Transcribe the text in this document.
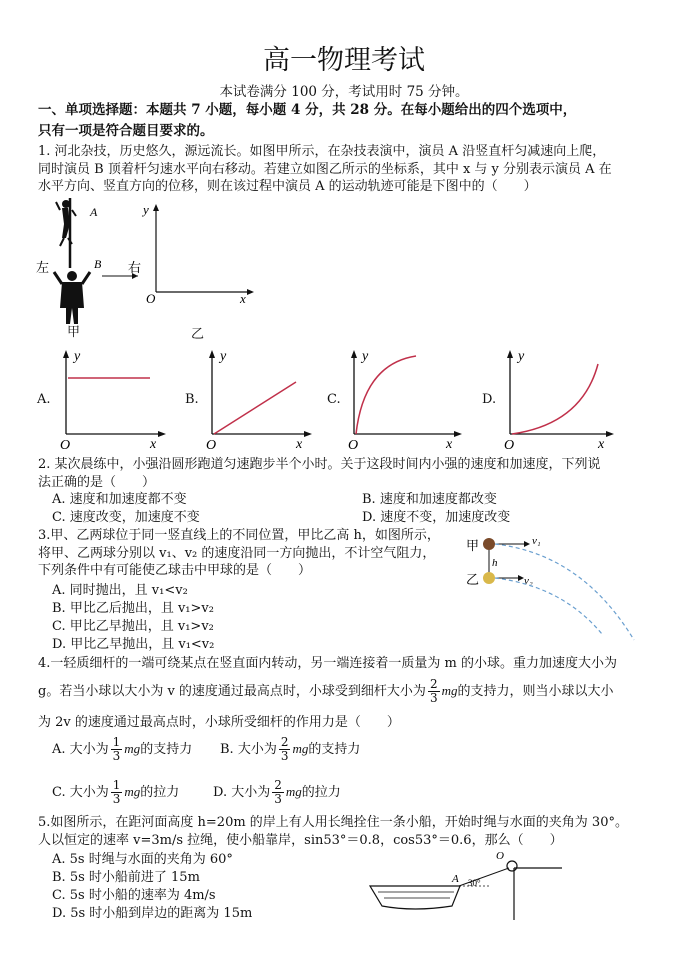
高一物理考试
本试卷满分 100 分，考试用时 75 分钟。
一、单项选择题：本题共 7 小题，每小题 4 分，共 28 分。在每小题给出的四个选项中，
只有一项是符合题目要求的。
1. 河北杂技，历史悠久，源远流长。如图甲所示，在杂技表演中，演员 A 沿竖直杆匀减速向上爬，
同时演员 B 顶着杆匀速水平向右移动。若建立如图乙所示的坐标系，其中 x 与 y 分别表示演员 A 在
水平方向、竖直方向的位移，则在该过程中演员 A 的运动轨迹可能是下图中的（　　）
A
B
左	右
y
x
O
甲	乙
A.	B.	C.	D.
y
x
O
y
x
O
y
x
O
y
x
O
2. 某次晨练中，小强沿圆形跑道匀速跑步半个小时。关于这段时间内小强的速度和加速度，下列说
法正确的是（　　）
A. 速度和加速度都不变	B. 速度和加速度都改变
C. 速度改变，加速度不变	D. 速度不变，加速度改变
3.甲、乙两球位于同一竖直线上的不同位置，甲比乙高 h，如图所示，
将甲、乙两球分别以 v₁、v₂ 的速度沿同一方向抛出，不计空气阻力，
下列条件中有可能使乙球击中甲球的是（　　）
A. 同时抛出，且 v₁<v₂
B. 甲比乙后抛出，且 v₁>v₂
C. 甲比乙早抛出，且 v₁>v₂
D. 甲比乙早抛出，且 v₁<v₂
甲
乙
h
v₁
v₂
4.一轻质细杆的一端可绕某点在竖直面内转动，另一端连接着一质量为 m 的小球。重力加速度大小为
g。若当小球以大小为 v 的速度通过最高点时，小球受到细杆大小为 $\frac{2}{3}$ mg的支持力，则当小球以大小
为 2v 的速度通过最高点时，小球所受细杆的作用力是（　　）
A. 大小为 $\frac{1}{3}$ mg的支持力 B. 大小为 $\frac{2}{3}$ mg的支持力
C. 大小为 $\frac{1}{3}$ mg的拉力	D. 大小为 $\frac{2}{3}$ mg的拉力
5.如图所示，在距河面高度 h=20m 的岸上有人用长绳拴住一条小船，开始时绳与水面的夹角为 30°。
人以恒定的速率 v=3m/s 拉绳，使小船靠岸，sin53°＝0.8，cos53°＝0.6，那么（　　）
A. 5s 时绳与水面的夹角为 60°
B. 5s 时小船前进了 15m
C. 5s 时小船的速率为 4m/s
D. 5s 时小船到岸边的距离为 15m
O
30°
A
